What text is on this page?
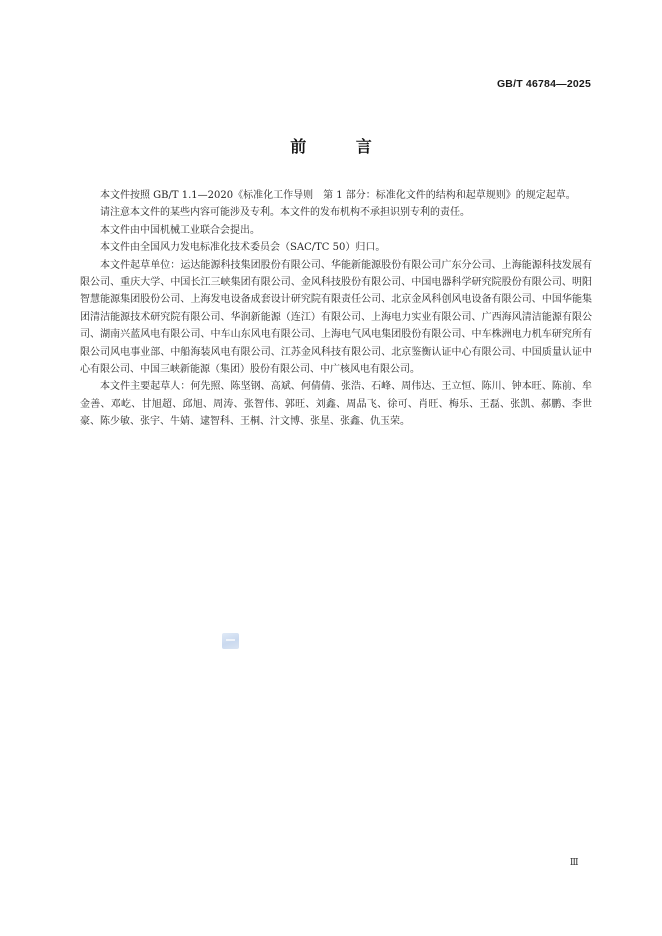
GB/T 46784—2025
前 言

本文件按照 GB/T 1.1—2020《标准化工作导则　第 1 部分：标准化文件的结构和起草规则》的规定起草。

请注意本文件的某些内容可能涉及专利。本文件的发布机构不承担识别专利的责任。

本文件由中国机械工业联合会提出。

本文件由全国风力发电标准化技术委员会（SAC/TC 50）归口。

本文件起草单位：运达能源科技集团股份有限公司、华能新能源股份有限公司广东分公司、上海能源科技发展有限公司、重庆大学、中国长江三峡集团有限公司、金风科技股份有限公司、中国电器科学研究院股份有限公司、明阳智慧能源集团股份公司、上海发电设备成套设计研究院有限责任公司、北京金风科创风电设备有限公司、中国华能集团清洁能源技术研究院有限公司、华润新能源（连江）有限公司、上海电力实业有限公司、广西海风清洁能源有限公司、湖南兴蓝风电有限公司、中车山东风电有限公司、上海电气风电集团股份有限公司、中车株洲电力机车研究所有限公司风电事业部、中船海装风电有限公司、江苏金风科技有限公司、北京鉴衡认证中心有限公司、中国质量认证中心有限公司、中国三峡新能源（集团）股份有限公司、中广核风电有限公司。

本文件主要起草人：何先照、陈坚钢、高斌、何倩倩、张浩、石峰、周伟达、王立恒、陈川、钟本旺、陈前、牟金善、邓屹、甘旭超、邱旭、周涛、张智伟、郭旺、刘鑫、周晶飞、徐可、肖旺、梅乐、王磊、张凯、郝鹏、李世豪、陈少敏、张宇、牛婧、逮智科、王桐、汁文博、张星、张鑫、仇玉荣。

Ⅲ
